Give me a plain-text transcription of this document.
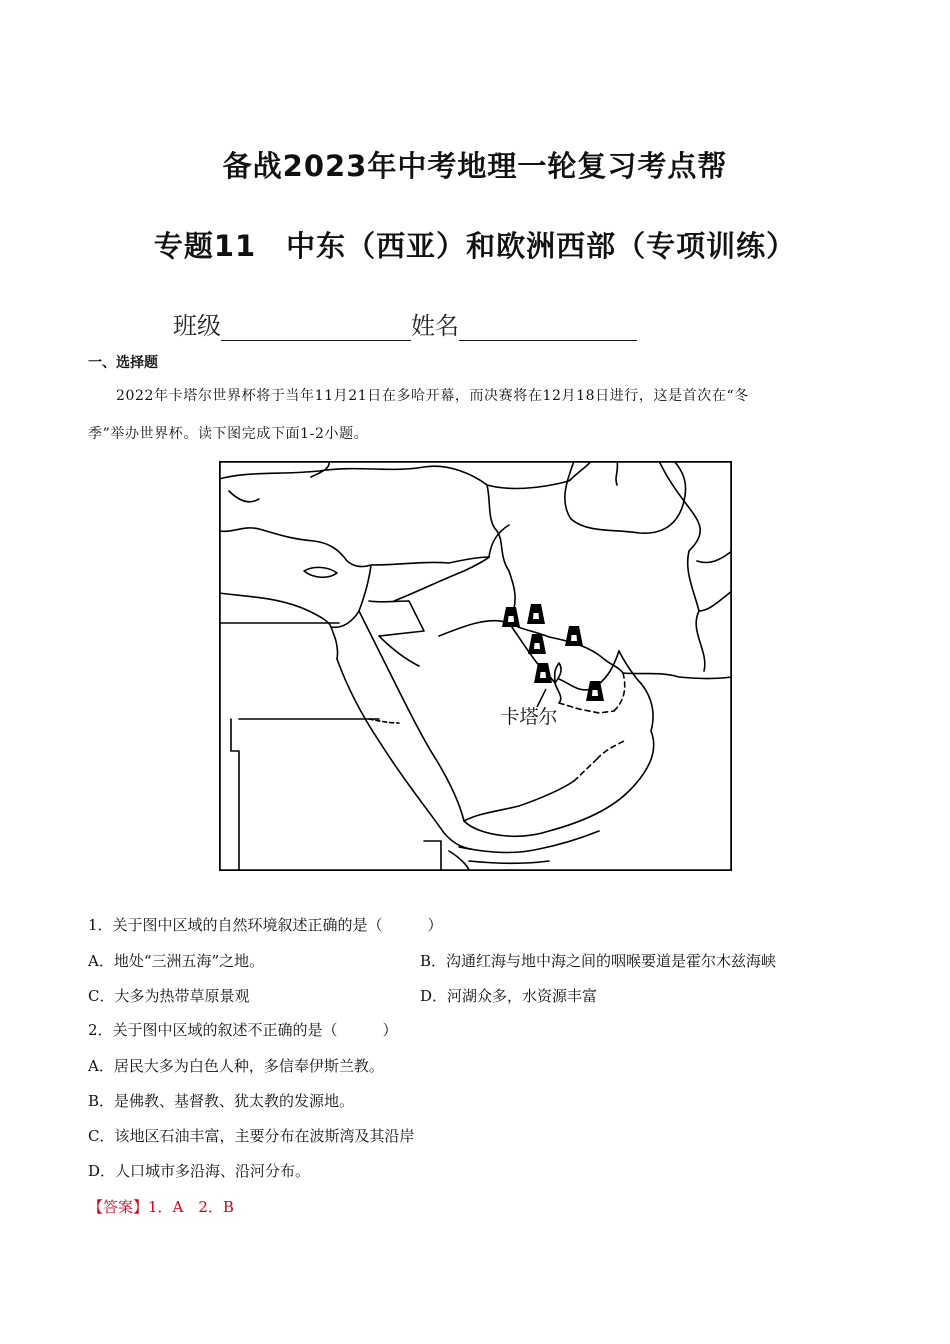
备战2023年中考地理一轮复习考点帮
专题11　中东（西亚）和欧洲西部（专项训练）
班级	姓名
一、选择题
2022年卡塔尔世界杯将于当年11月21日在多哈开幕，而决赛将在12月18日进行，这是首次在“冬
季”举办世界杯。读下图完成下面1-2小题。
卡塔尔
1．关于图中区域的自然环境叙述正确的是（　　　）
A．地处“三洲五海”之地。	B．沟通红海与地中海之间的咽喉要道是霍尔木兹海峡
C．大多为热带草原景观	D．河湖众多，水资源丰富
2．关于图中区域的叙述不正确的是（　　　）
A．居民大多为白色人种，多信奉伊斯兰教。
B．是佛教、基督教、犹太教的发源地。
C．该地区石油丰富，主要分布在波斯湾及其沿岸
D．人口城市多沿海、沿河分布。
【答案】1．A　2．B
